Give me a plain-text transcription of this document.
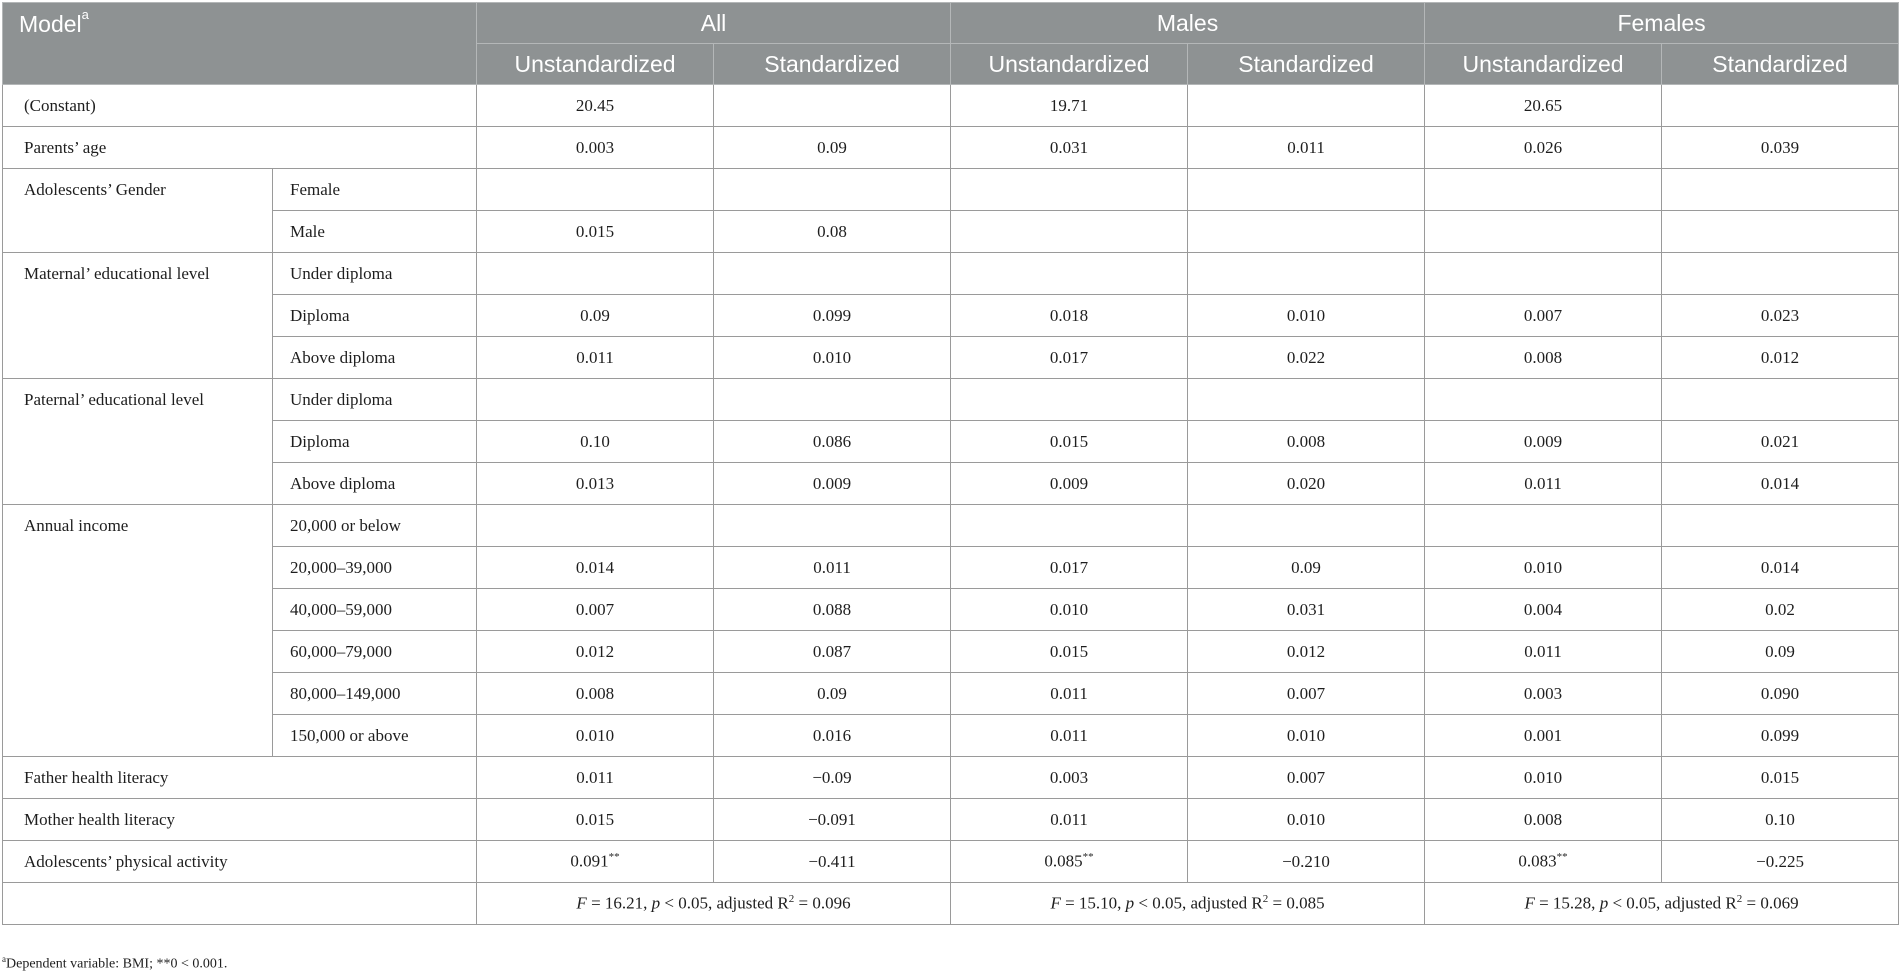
Model$^a$		All		Males		Females	
		Unstandardized	Standardized	Unstandardized	Standardized	Unstandardized	Standardized
(Constant)		20.45		19.71		20.65	
Parents’ age		0.003	0.09	0.031	0.011	0.026	0.039
Adolescents’ Gender	Female						
	Male	0.015	0.08				
Maternal’ educational level	Under diploma						
	Diploma	0.09	0.099	0.018	0.010	0.007	0.023
	Above diploma	0.011	0.010	0.017	0.022	0.008	0.012
Paternal’ educational level	Under diploma						
	Diploma	0.10	0.086	0.015	0.008	0.009	0.021
	Above diploma	0.013	0.009	0.009	0.020	0.011	0.014
Annual income	20,000 or below						
	20,000–39,000	0.014	0.011	0.017	0.09	0.010	0.014
	40,000–59,000	0.007	0.088	0.010	0.031	0.004	0.02
	60,000–79,000	0.012	0.087	0.015	0.012	0.011	0.09
	80,000–149,000	0.008	0.09	0.011	0.007	0.003	0.090
	150,000 or above	0.010	0.016	0.011	0.010	0.001	0.099
Father health literacy		0.011	−0.09	0.003	0.007	0.010	0.015
Mother health literacy		0.015	−0.091	0.011	0.010	0.008	0.10
Adolescents’ physical activity		0.091**	−0.411	0.085**	−0.210	0.083**	−0.225
		F = 16.21, p < 0.05, adjusted $R^2 = 0.096$		F = 15.10, p < 0.05, adjusted $R^2 = 0.085$		F = 15.28, p < 0.05, adjusted $R^2 = 0.069$	
$^a$Dependent variable: BMI; **0 < 0.001.
